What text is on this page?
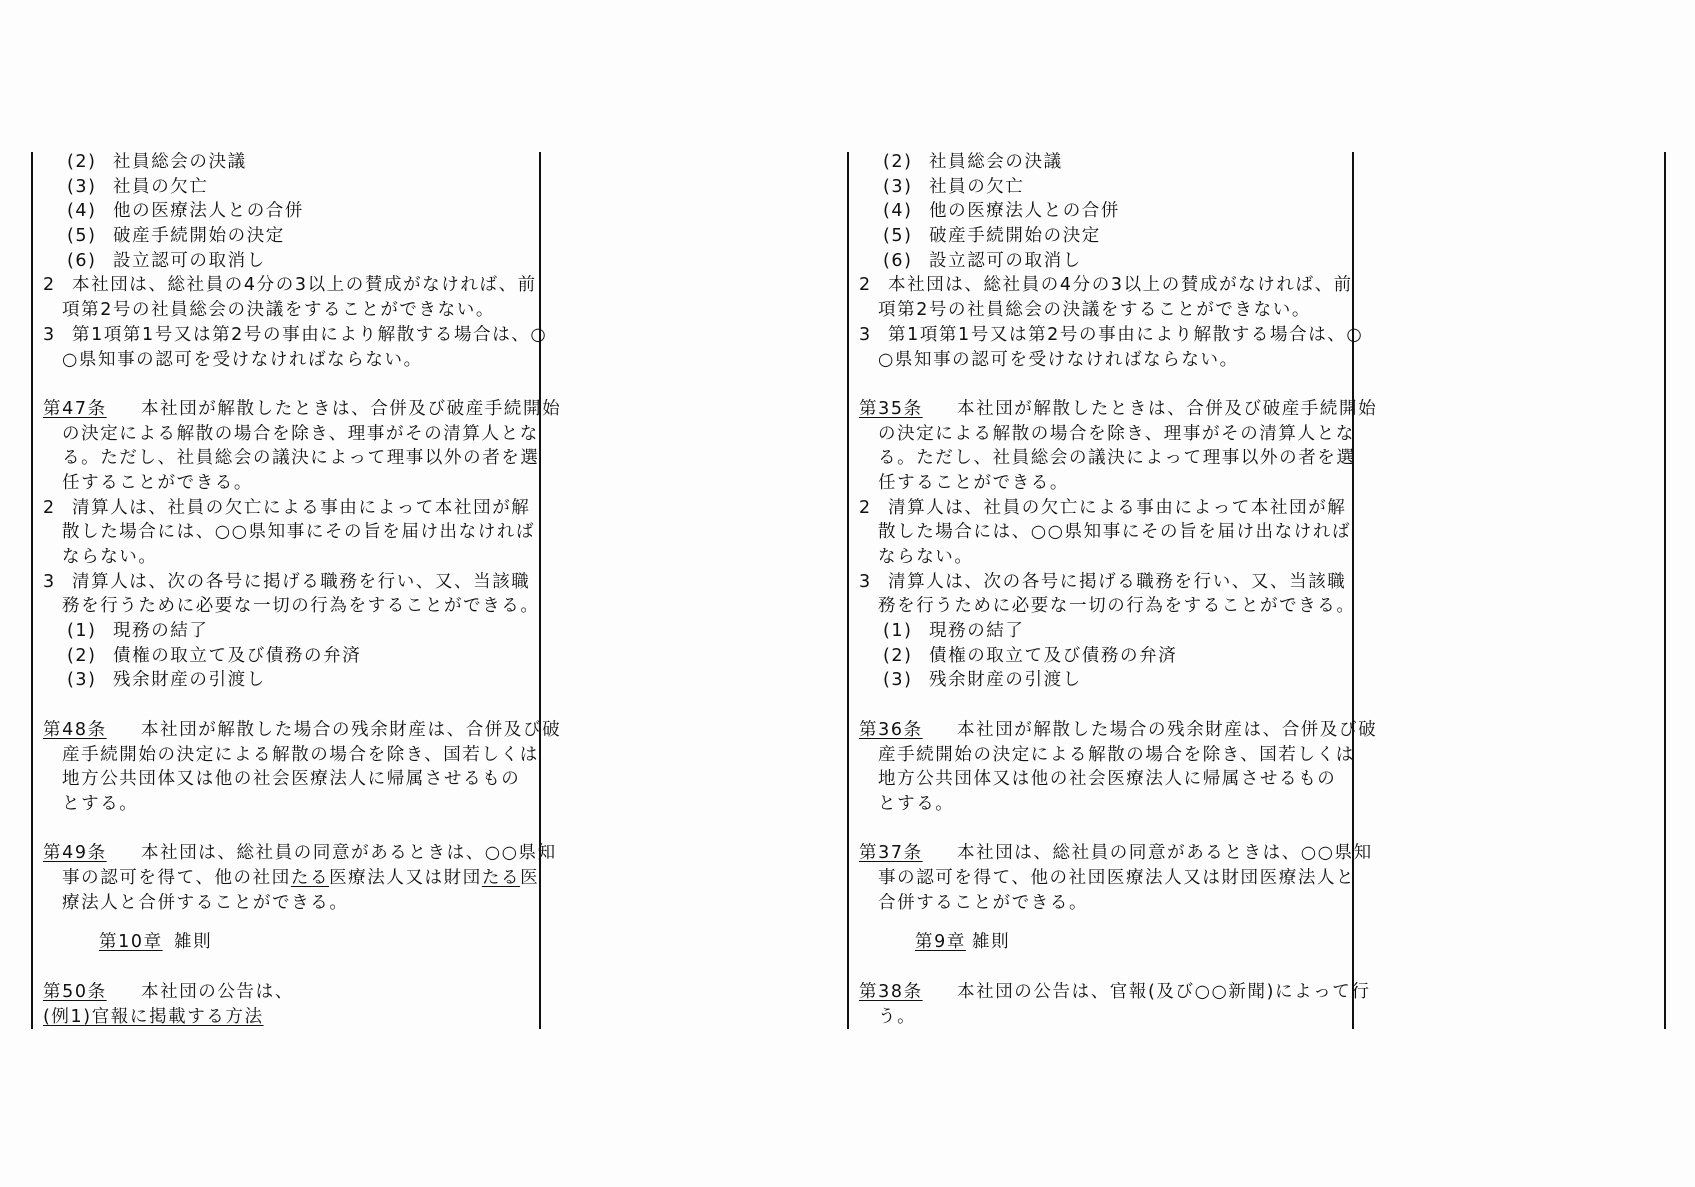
(2) 社員総会の決議
(3) 社員の欠亡
(4) 他の医療法人との合併
(5) 破産手続開始の決定
(6) 設立認可の取消し
2 本社団は、総社員の4分の3以上の賛成がなければ、前
項第2号の社員総会の決議をすることができない。
3 第1項第1号又は第2号の事由により解散する場合は、○
○県知事の認可を受けなければならない。
第47条 本社団が解散したときは、合併及び破産手続開始
の決定による解散の場合を除き、理事がその清算人とな
る。ただし、社員総会の議決によって理事以外の者を選
任することができる。
2 清算人は、社員の欠亡による事由によって本社団が解
散した場合には、○○県知事にその旨を届け出なければ
ならない。
3 清算人は、次の各号に掲げる職務を行い、又、当該職
務を行うために必要な一切の行為をすることができる。
(1) 現務の結了
(2) 債権の取立て及び債務の弁済
(3) 残余財産の引渡し
第48条 本社団が解散した場合の残余財産は、合併及び破
産手続開始の決定による解散の場合を除き、国若しくは
地方公共団体又は他の社会医療法人に帰属させるもの
とする。
第49条 本社団は、総社員の同意があるときは、○○県知
事の認可を得て、他の社団たる医療法人又は財団たる医
療法人と合併することができる。
第10章 雑則
第50条 本社団の公告は、
(例1)官報に掲載する方法
(2) 社員総会の決議
(3) 社員の欠亡
(4) 他の医療法人との合併
(5) 破産手続開始の決定
(6) 設立認可の取消し
2 本社団は、総社員の4分の3以上の賛成がなければ、前
項第2号の社員総会の決議をすることができない。
3 第1項第1号又は第2号の事由により解散する場合は、○
○県知事の認可を受けなければならない。
第35条 本社団が解散したときは、合併及び破産手続開始
の決定による解散の場合を除き、理事がその清算人とな
る。ただし、社員総会の議決によって理事以外の者を選
任することができる。
2 清算人は、社員の欠亡による事由によって本社団が解
散した場合には、○○県知事にその旨を届け出なければ
ならない。
3 清算人は、次の各号に掲げる職務を行い、又、当該職
務を行うために必要な一切の行為をすることができる。
(1) 現務の結了
(2) 債権の取立て及び債務の弁済
(3) 残余財産の引渡し
第36条 本社団が解散した場合の残余財産は、合併及び破
産手続開始の決定による解散の場合を除き、国若しくは
地方公共団体又は他の社会医療法人に帰属させるもの
とする。
第37条 本社団は、総社員の同意があるときは、○○県知
事の認可を得て、他の社団医療法人又は財団医療法人と
合併することができる。
第9章 雑則
第38条 本社団の公告は、官報(及び○○新聞)によって行
う。
